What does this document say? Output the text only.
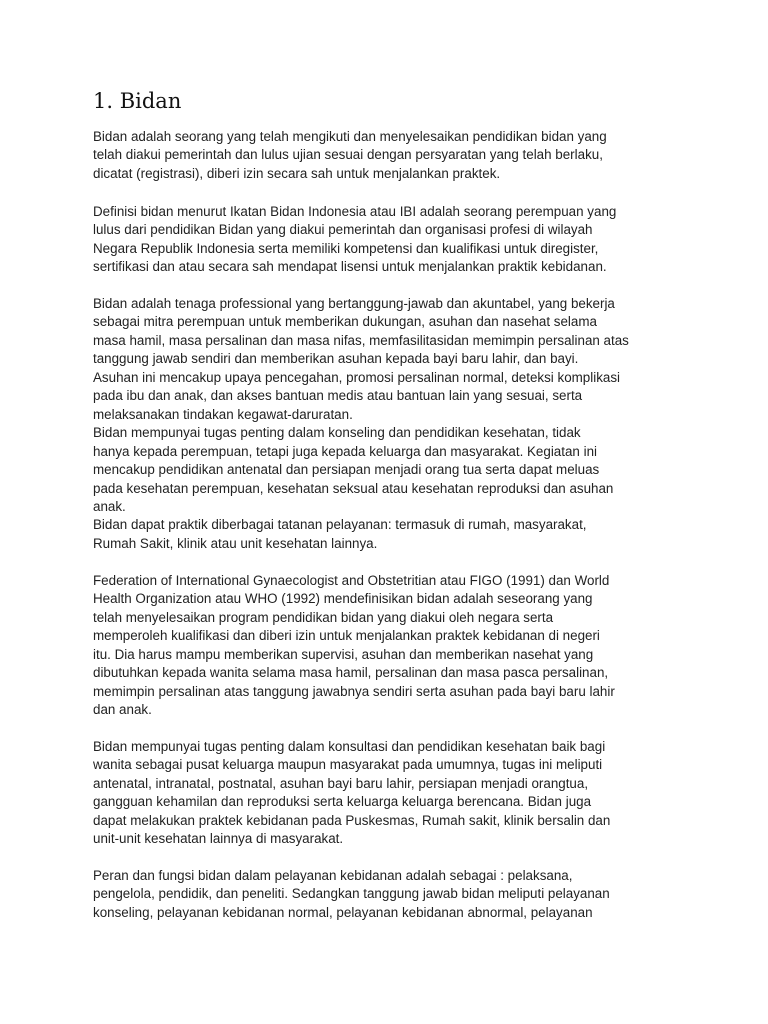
1. Bidan

Bidan adalah seorang yang telah mengikuti dan menyelesaikan pendidikan bidan yang
telah diakui pemerintah dan lulus ujian sesuai dengan persyaratan yang telah berlaku,
dicatat (registrasi), diberi izin secara sah untuk menjalankan praktek.

Definisi bidan menurut Ikatan Bidan Indonesia atau IBI adalah seorang perempuan yang
lulus dari pendidikan Bidan yang diakui pemerintah dan organisasi profesi di wilayah
Negara Republik Indonesia serta memiliki kompetensi dan kualifikasi untuk diregister,
sertifikasi dan atau secara sah mendapat lisensi untuk menjalankan praktik kebidanan.

Bidan adalah tenaga professional yang bertanggung-jawab dan akuntabel, yang bekerja
sebagai mitra perempuan untuk memberikan dukungan, asuhan dan nasehat selama
masa hamil, masa persalinan dan masa nifas, memfasilitasidan memimpin persalinan atas
tanggung jawab sendiri dan memberikan asuhan kepada bayi baru lahir, dan bayi.
Asuhan ini mencakup upaya pencegahan, promosi persalinan normal, deteksi komplikasi
pada ibu dan anak, dan akses bantuan medis atau bantuan lain yang sesuai, serta
melaksanakan tindakan kegawat-daruratan.
Bidan mempunyai tugas penting dalam konseling dan pendidikan kesehatan, tidak
hanya kepada perempuan, tetapi juga kepada keluarga dan masyarakat. Kegiatan ini
mencakup pendidikan antenatal dan persiapan menjadi orang tua serta dapat meluas
pada kesehatan perempuan, kesehatan seksual atau kesehatan reproduksi dan asuhan
anak.
Bidan dapat praktik diberbagai tatanan pelayanan: termasuk di rumah, masyarakat,
Rumah Sakit, klinik atau unit kesehatan lainnya.

Federation of International Gynaecologist and Obstetritian atau FIGO (1991) dan World
Health Organization atau WHO (1992) mendefinisikan bidan adalah seseorang yang
telah menyelesaikan program pendidikan bidan yang diakui oleh negara serta
memperoleh kualifikasi dan diberi izin untuk menjalankan praktek kebidanan di negeri
itu. Dia harus mampu memberikan supervisi, asuhan dan memberikan nasehat yang
dibutuhkan kepada wanita selama masa hamil, persalinan dan masa pasca persalinan,
memimpin persalinan atas tanggung jawabnya sendiri serta asuhan pada bayi baru lahir
dan anak.

Bidan mempunyai tugas penting dalam konsultasi dan pendidikan kesehatan baik bagi
wanita sebagai pusat keluarga maupun masyarakat pada umumnya, tugas ini meliputi
antenatal, intranatal, postnatal, asuhan bayi baru lahir, persiapan menjadi orangtua,
gangguan kehamilan dan reproduksi serta keluarga keluarga berencana. Bidan juga
dapat melakukan praktek kebidanan pada Puskesmas, Rumah sakit, klinik bersalin dan
unit-unit kesehatan lainnya di masyarakat.

Peran dan fungsi bidan dalam pelayanan kebidanan adalah sebagai : pelaksana,
pengelola, pendidik, dan peneliti. Sedangkan tanggung jawab bidan meliputi pelayanan
konseling, pelayanan kebidanan normal, pelayanan kebidanan abnormal, pelayanan
